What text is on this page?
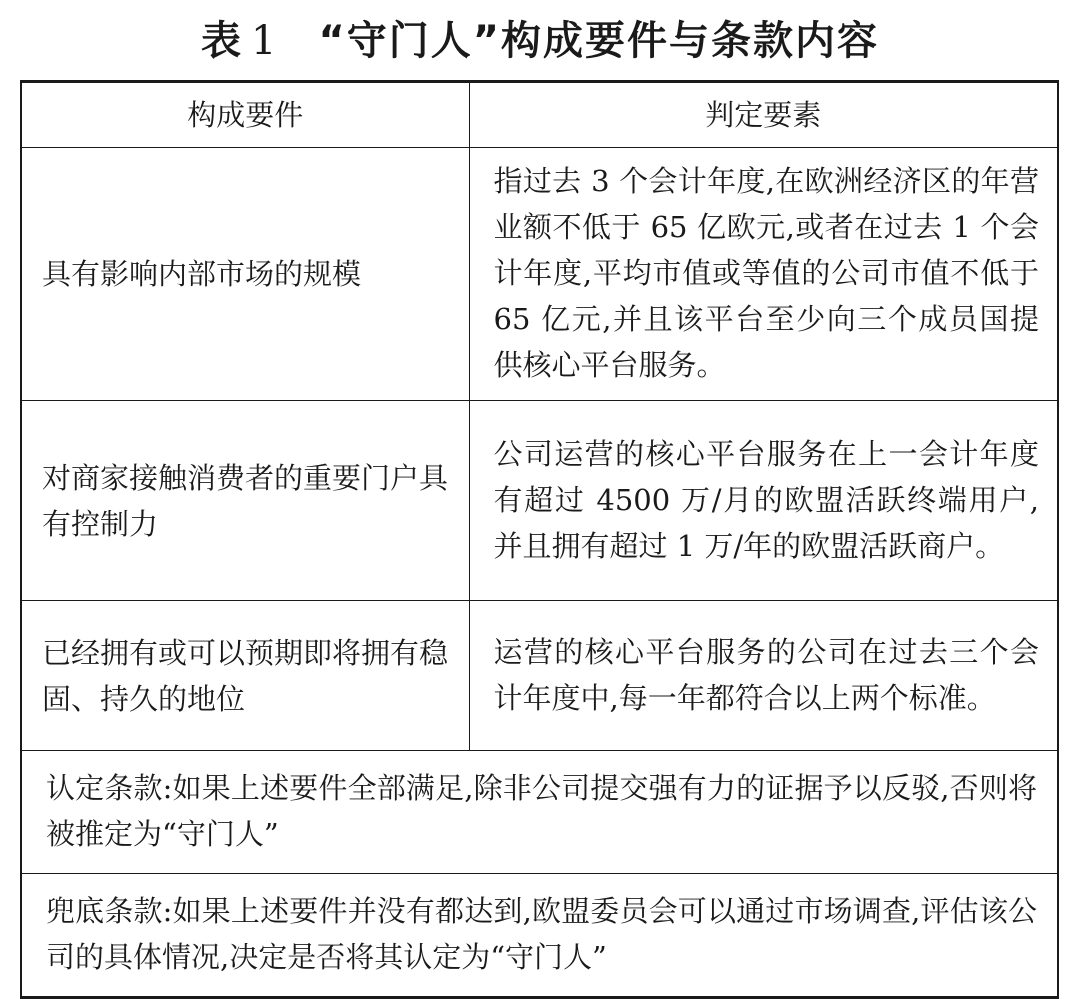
表 1 “守门人”构成要件与条款内容
构成要件	判定要素
具有影响内部市场的规模	指过去 3 个会计年度,在欧洲经济区的年营业额不低于 65 亿欧元,或者在过去 1 个会计年度,平均市值或等值的公司市值不低于 65 亿元,并且该平台至少向三个成员国提供核心平台服务。
对商家接触消费者的重要门户具有控制力	公司运营的核心平台服务在上一会计年度有超过 4500 万/月的欧盟活跃终端用户,并且拥有超过 1 万/年的欧盟活跃商户。
已经拥有或可以预期即将拥有稳固、持久的地位	运营的核心平台服务的公司在过去三个会计年度中,每一年都符合以上两个标准。
认定条款:如果上述要件全部满足,除非公司提交强有力的证据予以反驳,否则将被推定为“守门人”	
兜底条款:如果上述要件并没有都达到,欧盟委员会可以通过市场调查,评估该公司的具体情况,决定是否将其认定为“守门人”	
